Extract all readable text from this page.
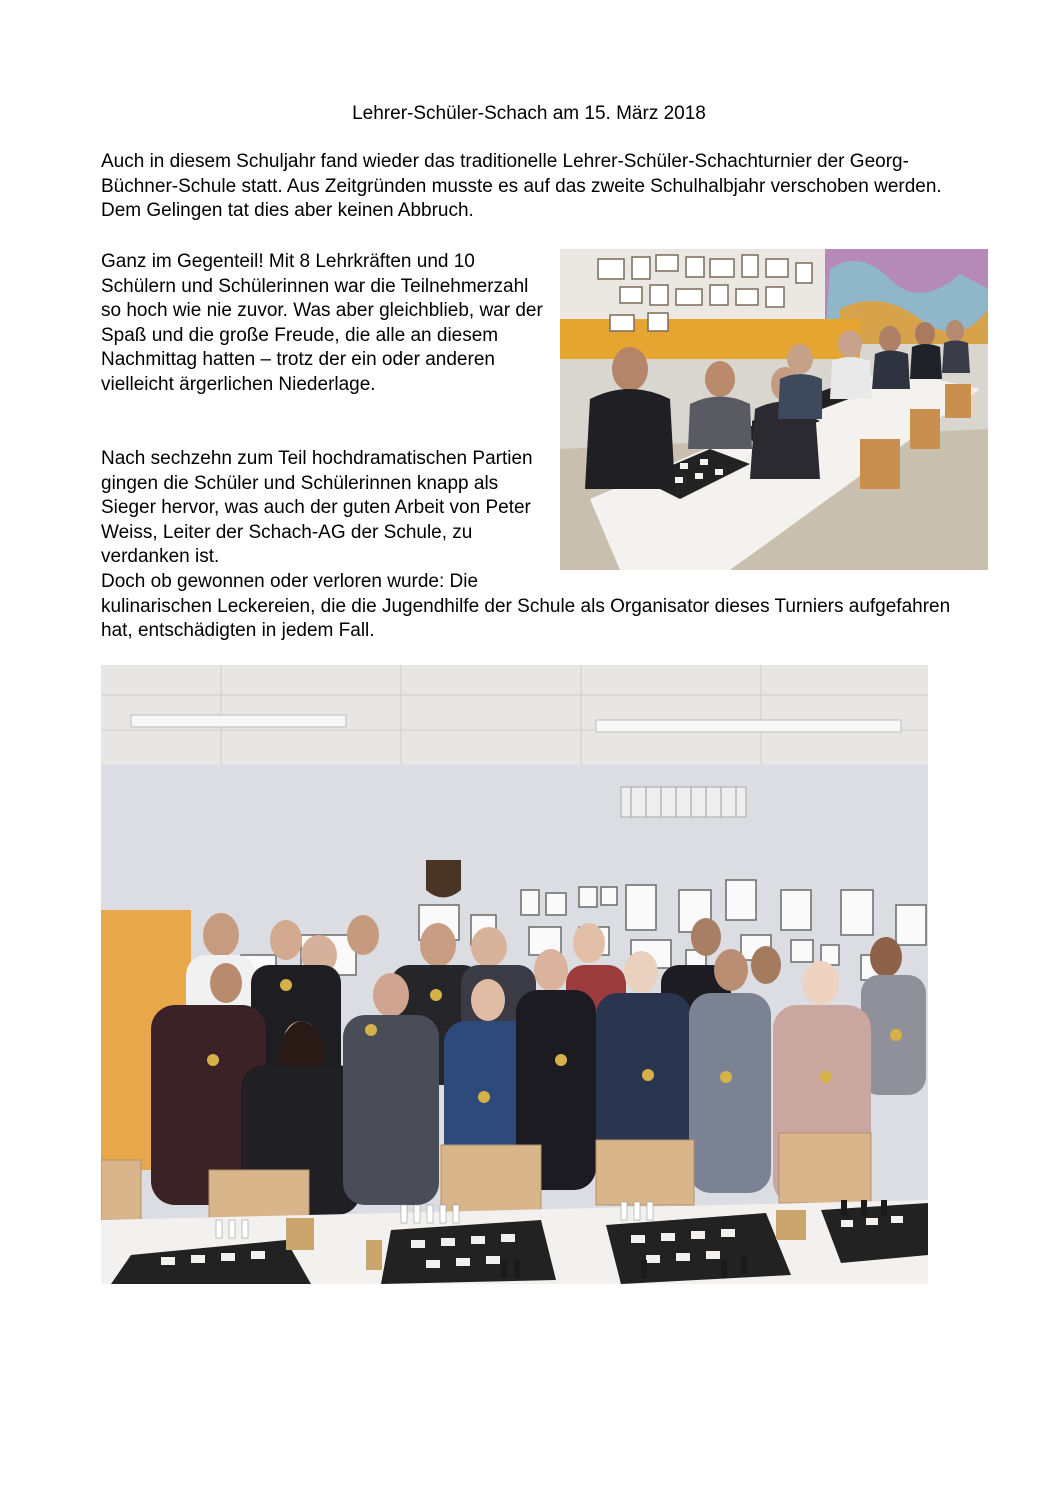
Lehrer-Schüler-Schach am 15. März 2018

Auch in diesem Schuljahr fand wieder das traditionelle Lehrer-Schüler-Schachturnier der Georg-Büchner-Schule statt. Aus Zeitgründen musste es auf das zweite Schulhalbjahr verschoben werden. Dem Gelingen tat dies aber keinen Abbruch.

Ganz im Gegenteil! Mit 8 Lehrkräften und 10 Schülern und Schülerinnen war die Teilnehmerzahl so hoch wie nie zuvor. Was aber gleichblieb, war der Spaß und die große Freude, die alle an diesem Nachmittag hatten – trotz der ein oder anderen vielleicht ärgerlichen Niederlage.

Nach sechzehn zum Teil hochdramatischen Partien gingen die Schüler und Schülerinnen knapp als Sieger hervor, was auch der guten Arbeit von Peter Weiss, Leiter der Schach-AG der Schule, zu verdanken ist.

Doch ob gewonnen oder verloren wurde: Die
kulinarischen Leckereien, die die Jugendhilfe der Schule als Organisator dieses Turniers aufgefahren hat, entschädigten in jedem Fall.
